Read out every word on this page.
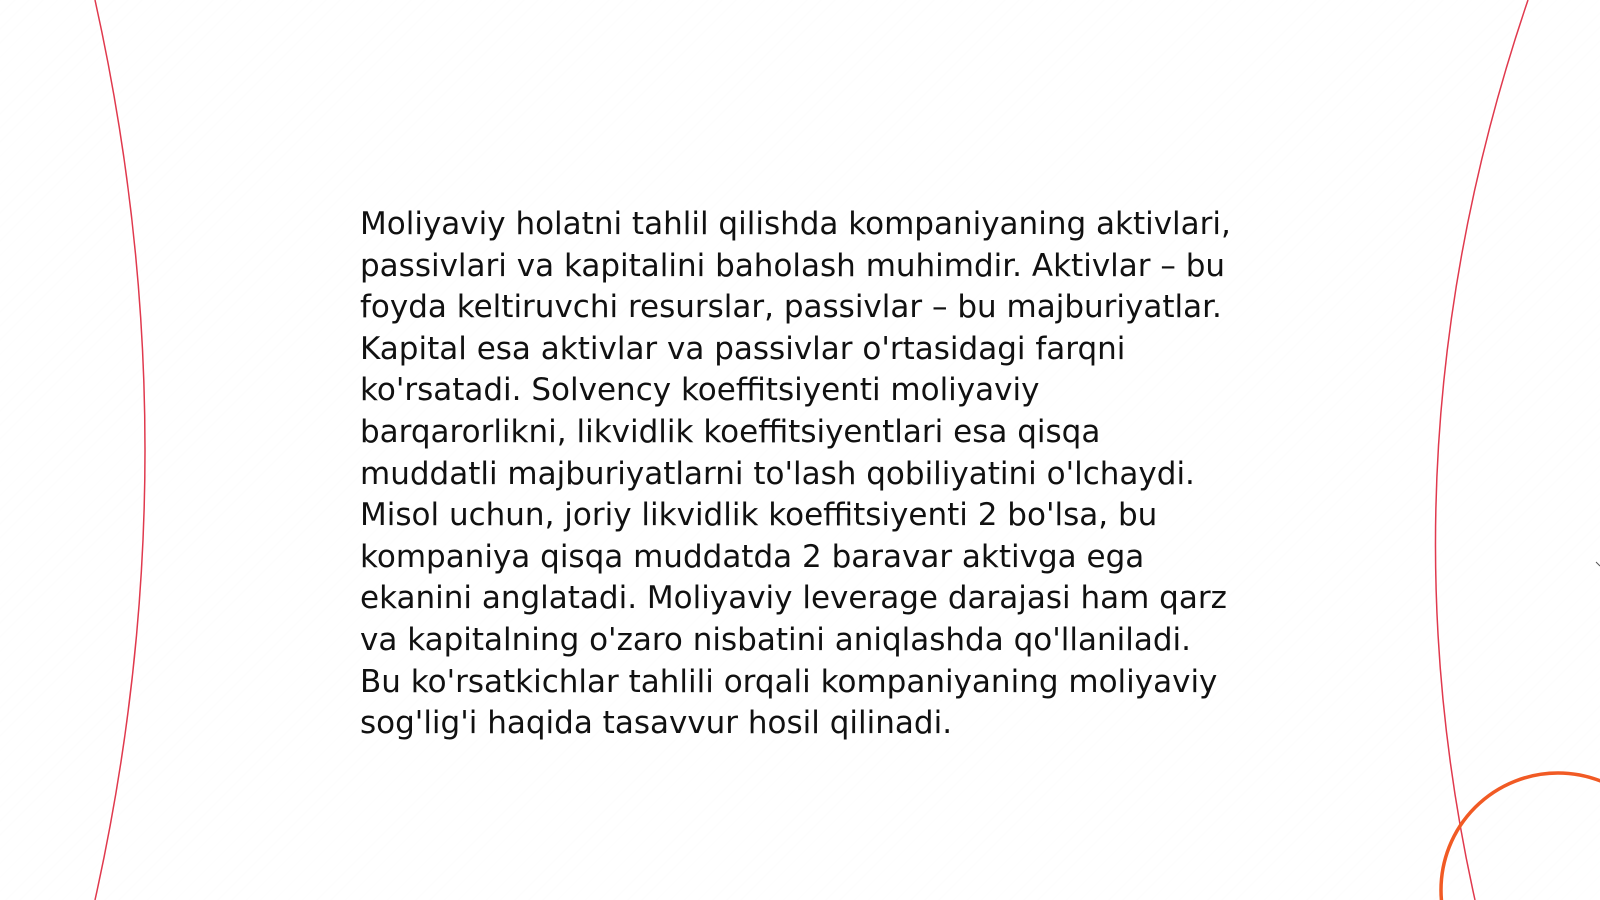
Moliyaviy holatni tahlil qilishda kompaniyaning aktivlari, passivlari va kapitalini baholash muhimdir. Aktivlar – bu foyda keltiruvchi resurslar, passivlar – bu majburiyatlar. Kapital esa aktivlar va passivlar o'rtasidagi farqni ko'rsatadi. Solvency koeffitsiyenti moliyaviy barqarorlikni, likvidlik koeffitsiyentlari esa qisqa muddatli majburiyatlarni to'lash qobiliyatini o'lchaydi. Misol uchun, joriy likvidlik koeffitsiyenti 2 bo'lsa, bu kompaniya qisqa muddatda 2 baravar aktivga ega ekanini anglatadi. Moliyaviy leverage darajasi ham qarz va kapitalning o'zaro nisbatini aniqlashda qo'llaniladi. Bu ko'rsatkichlar tahlili orqali kompaniyaning moliyaviy sog'lig'i haqida tasavvur hosil qilinadi.
